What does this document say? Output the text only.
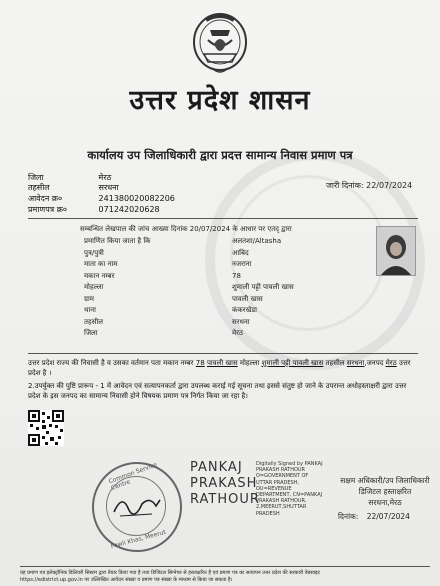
उत्तर प्रदेश शासन
कार्यालय उप जिलाधिकारी द्वारा प्रदत्त सामान्य निवास प्रमाण पत्र
जिला	मेरठ
तहसील	सरधना
आवेदन क्र०	241380020082206
प्रमाणपत्र क्र०	071242020628
जारी दिनांक: 22/07/2024
सम्बन्धित लेखपाल की जांच आख्या दिनांक 20/07/2024 के आधार पर एतद् द्वारा
प्रमाणित किया जाता है कि	अलतशा/Altasha
पुत्र/पुत्री	आबिद
माता का नाम	नजराना
मकान नम्बर	78
मोहल्ला	शुमाली पट्टी पावली खास
ग्राम	पावली खास
थाना	कंकरखेडा
तहसील	सरधना
जिला	मेरठ
उत्तर प्रदेश राज्य की निवासी है व उसका वर्तमान पता मकान नम्बर 78 पावली खास मोहल्ला शुमाली पट्टी पावली खास तहसील सरधना,जनपद मेरठ उत्तर प्रदेश है ।
2.उपर्युक्त की पुष्टि प्रारूप - 1 में आवेदन एवं सत्यापनकर्ता द्वारा उपलब्ध कराई गई सूचना तथा इससे संतुष्ट हो जाने के उपरान्त अधोहस्ताक्षरी द्वारा उत्तर प्रदेश के इस जनपद का सामान्य निवासी होने विषयक प्रमाण पत्र निर्गत किया जा रहा है।
Common Service Centre
Pawli Khas, Meerut
PANKAJ
PRAKASH
RATHOUR
Digitally Signed by PANKAJ PRAKASH RATHOUR O=GOVERNMENT OF UTTAR PRADESH, OU=REVENUE DEPARTMENT, CN=PANKAJ PRAKASH RATHOUR, 2,MEERUT,SHUTTAR PRADESH
सक्षम अधिकारी/उप जिलाधिकारी
डिजिटल हस्ताक्षरित
सरधना,मेरठ
दिनांक: 22/07/2024
यह प्रमाण पत्र इलेक्ट्रॉनिक डिलिवरी सिस्टम द्वारा तैयार किया गया है तथा डिजिटल सिग्नेचर से हस्ताक्षरित है एवं प्रमाण पत्र का सत्यापन उत्तर प्रदेश की सरकारी वेबसाइट
https://edistrict.up.gov.in पर उल्लिखित आवेदन संख्या व प्रमाण पत्र संख्या के माध्यम से किया जा सकता है।
